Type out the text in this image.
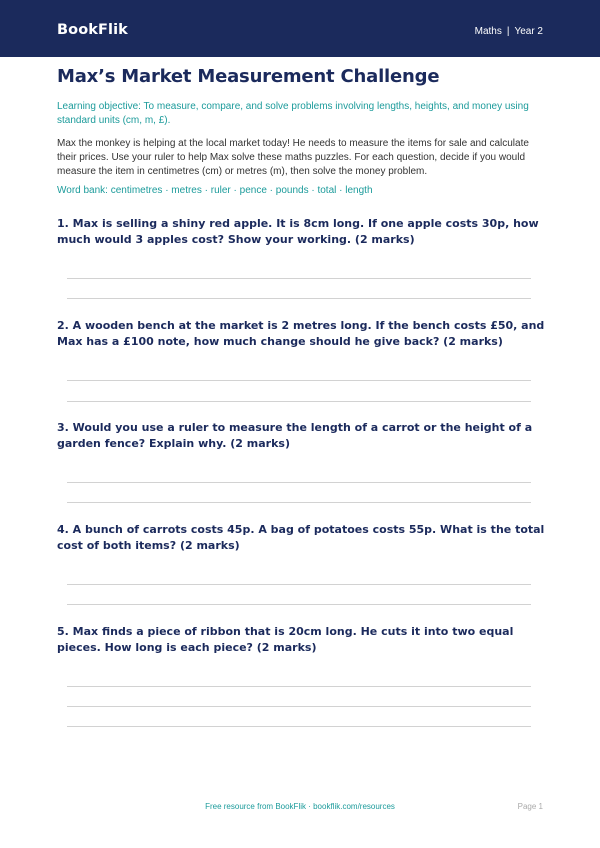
BookFlik	Maths | Year 2
Max’s Market Measurement Challenge
Learning objective: To measure, compare, and solve problems involving lengths, heights, and money using standard units (cm, m, £).
Max the monkey is helping at the local market today! He needs to measure the items for sale and calculate their prices. Use your ruler to help Max solve these maths puzzles. For each question, decide if you would measure the item in centimetres (cm) or metres (m), then solve the money problem.
Word bank: centimetres · metres · ruler · pence · pounds · total · length
1. Max is selling a shiny red apple. It is 8cm long. If one apple costs 30p, how much would 3 apples cost? Show your working. (2 marks)
2. A wooden bench at the market is 2 metres long. If the bench costs £50, and Max has a £100 note, how much change should he give back? (2 marks)
3. Would you use a ruler to measure the length of a carrot or the height of a garden fence? Explain why. (2 marks)
4. A bunch of carrots costs 45p. A bag of potatoes costs 55p. What is the total cost of both items? (2 marks)
5. Max finds a piece of ribbon that is 20cm long. He cuts it into two equal pieces. How long is each piece? (2 marks)
Free resource from BookFlik · bookflik.com/resources	Page 1
